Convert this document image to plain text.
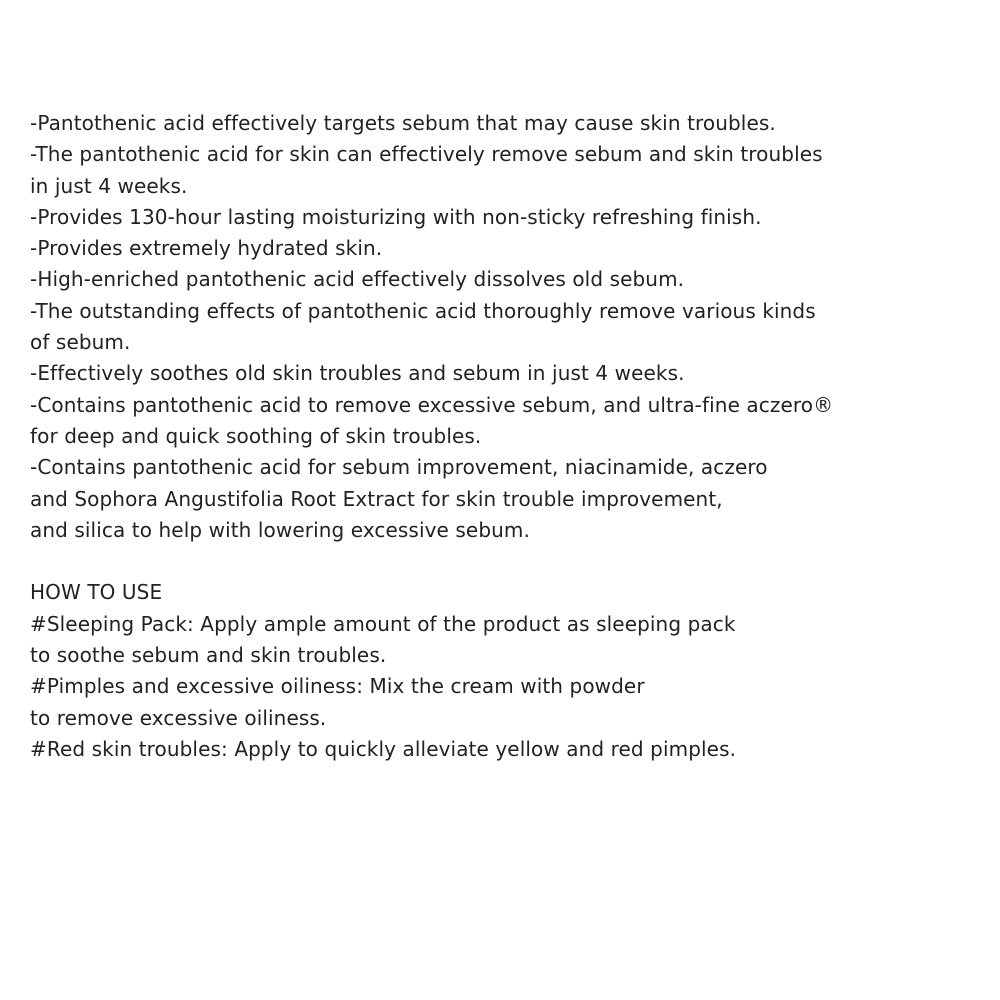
-Pantothenic acid effectively targets sebum that may cause skin troubles.
-The pantothenic acid for skin can effectively remove sebum and skin troubles
in just 4 weeks.
-Provides 130-hour lasting moisturizing with non-sticky refreshing finish.
-Provides extremely hydrated skin.
-High-enriched pantothenic acid effectively dissolves old sebum.
-The outstanding effects of pantothenic acid thoroughly remove various kinds
of sebum.
-Effectively soothes old skin troubles and sebum in just 4 weeks.
-Contains pantothenic acid to remove excessive sebum, and ultra-fine aczero®
for deep and quick soothing of skin troubles.
-Contains pantothenic acid for sebum improvement, niacinamide, aczero
and Sophora Angustifolia Root Extract for skin trouble improvement,
and silica to help with lowering excessive sebum.
HOW TO USE
#Sleeping Pack: Apply ample amount of the product as sleeping pack
to soothe sebum and skin troubles.
#Pimples and excessive oiliness: Mix the cream with powder
to remove excessive oiliness.
#Red skin troubles: Apply to quickly alleviate yellow and red pimples.
